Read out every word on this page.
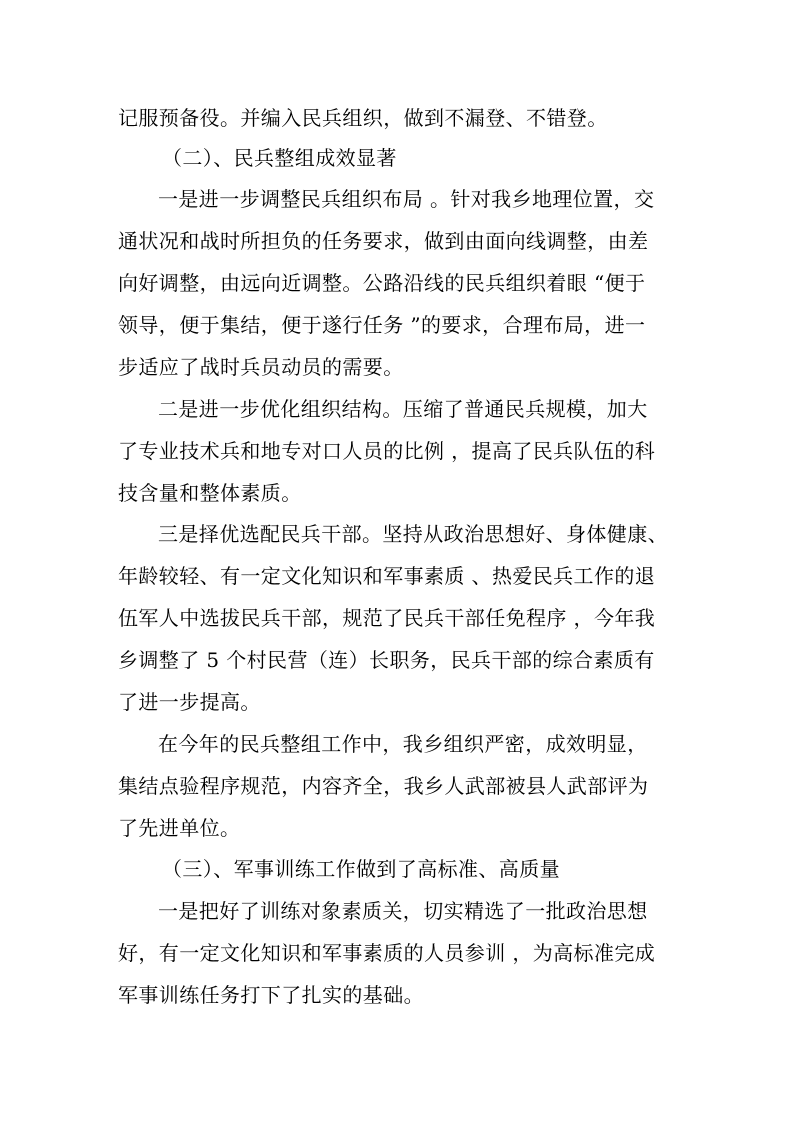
记服预备役。并编入民兵组织，做到不漏登、不错登。
（二）、民兵整组成效显著
一是进一步调整民兵组织布局 。针对我乡地理位置，交
通状况和战时所担负的任务要求，做到由面向线调整，由差
向好调整，由远向近调整。公路沿线的民兵组织着眼 “便于
领导，便于集结，便于遂行任务 ”的要求，合理布局，进一
步适应了战时兵员动员的需要。
二是进一步优化组织结构。压缩了普通民兵规模，加大
了专业技术兵和地专对口人员的比例 ，提高了民兵队伍的科
技含量和整体素质。
三是择优选配民兵干部。坚持从政治思想好、身体健康、
年龄较轻、有一定文化知识和军事素质 、热爱民兵工作的退
伍军人中选拔民兵干部，规范了民兵干部任免程序 ，今年我
乡调整了 5 个村民营（连）长职务，民兵干部的综合素质有
了进一步提高。
在今年的民兵整组工作中，我乡组织严密，成效明显，
集结点验程序规范，内容齐全，我乡人武部被县人武部评为
了先进单位。
（三）、军事训练工作做到了高标准、高质量
一是把好了训练对象素质关，切实精选了一批政治思想
好，有一定文化知识和军事素质的人员参训 ，为高标准完成
军事训练任务打下了扎实的基础。
